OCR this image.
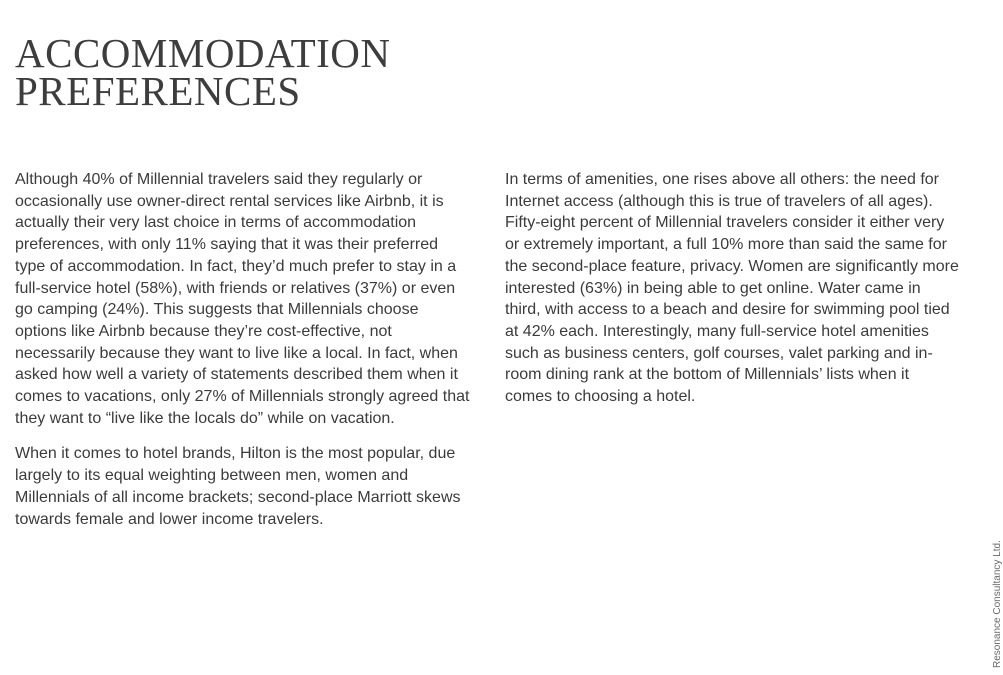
ACCOMMODATION
PREFERENCES

Although 40% of Millennial travelers said they regularly or occasionally use owner-direct rental services like Airbnb, it is actually their very last choice in terms of accommodation preferences, with only 11% saying that it was their preferred type of accommodation. In fact, they’d much prefer to stay in a full-service hotel (58%), with friends or relatives (37%) or even go camping (24%). This suggests that Millennials choose options like Airbnb because they’re cost-effective, not necessarily because they want to live like a local. In fact, when asked how well a variety of statements described them when it comes to vacations, only 27% of Millennials strongly agreed that they want to “live like the locals do” while on vacation.

When it comes to hotel brands, Hilton is the most popular, due largely to its equal weighting between men, women and Millennials of all income brackets; second-place Marriott skews towards female and lower income travelers.

In terms of amenities, one rises above all others: the need for Internet access (although this is true of travelers of all ages). Fifty-eight percent of Millennial travelers consider it either very or extremely important, a full 10% more than said the same for the second-place feature, privacy. Women are significantly more interested (63%) in being able to get online. Water came in third, with access to a beach and desire for swimming pool tied at 42% each. Interestingly, many full-service hotel amenities such as business centers, golf courses, valet parking and in-room dining rank at the bottom of Millennials’ lists when it comes to choosing a hotel.

Resonance Consultancy Ltd.
